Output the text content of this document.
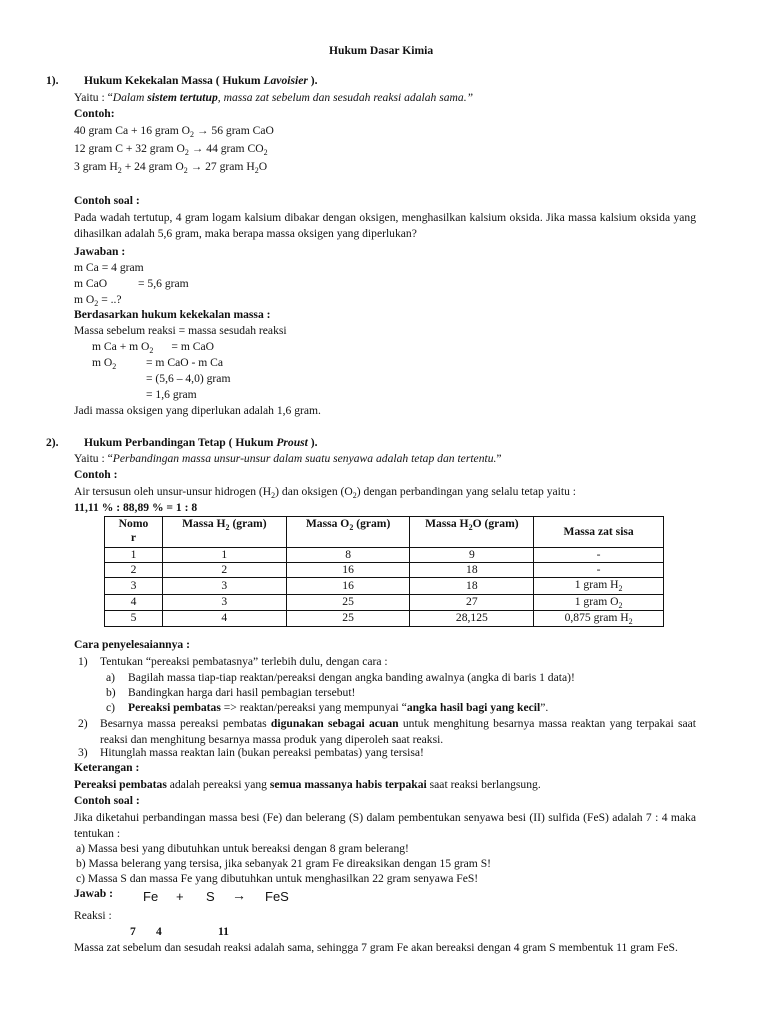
Hukum Dasar Kimia
1). Hukum Kekekalan Massa ( Hukum Lavoisier ).
Yaitu : “Dalam sistem tertutup, massa zat sebelum dan sesudah reaksi adalah sama.”
Contoh:
40 gram Ca + 16 gram $O_2 \to 56$ gram CaO
12 gram C + 32 gram $O_2 \to 44$ gram $CO_2$
3 gram $H_2 + 24$ gram $O_2 \to 27$ gram $H_2O$
Contoh soal :
Pada wadah tertutup, 4 gram logam kalsium dibakar dengan oksigen, menghasilkan kalsium oksida. Jika massa kalsium oksida yang dihasilkan adalah 5,6 gram, maka berapa massa oksigen yang diperlukan?
Jawaban :
m Ca = 4 gram
m CaO	= 5,6 gram
m $O_2$ = ..?
Berdasarkan hukum kekekalan massa :
Massa sebelum reaksi = massa sesudah reaksi
m Ca + m $O_2 = m$ CaO
m $O_2$	= m CaO - m Ca
= (5,6 – 4,0) gram
= 1,6 gram
Jadi massa oksigen yang diperlukan adalah 1,6 gram.
2). Hukum Perbandingan Tetap ( Hukum Proust ).
Yaitu : “Perbandingan massa unsur-unsur dalam suatu senyawa adalah tetap dan tertentu.”
Contoh :
Air tersusun oleh unsur-unsur hidrogen $(H_2)$ dan oksigen $(O_2)$ dengan perbandingan yang selalu tetap yaitu :
11,11 % : 88,89 % = 1 : 8
Nomo
r	Massa $H_2$ (gram)	Massa $O_2$ (gram)	Massa $H_2O$ (gram)	Massa zat sisa
1	1	8	9	-
2	2	16	18	-
3	3	16	18	1 gram $H_2$
4	3	25	27	1 gram $O_2$
5	4	25	28,125	0,875 gram $H_2$
Cara penyelesaiannya :
1) Tentukan “pereaksi pembatasnya” terlebih dulu, dengan cara :
a) Bagilah massa tiap-tiap reaktan/pereaksi dengan angka banding awalnya (angka di baris 1 data)!
b) Bandingkan harga dari hasil pembagian tersebut!
c) Pereaksi pembatas => reaktan/pereaksi yang mempunyai “angka hasil bagi yang kecil”.
2) Besarnya massa pereaksi pembatas digunakan sebagai acuan untuk menghitung besarnya massa reaktan yang terpakai saat reaksi dan menghitung besarnya massa produk yang diperoleh saat reaksi.
3) Hitunglah massa reaktan lain (bukan pereaksi pembatas) yang tersisa!
Keterangan :
Pereaksi pembatas adalah pereaksi yang semua massanya habis terpakai saat reaksi berlangsung.
Contoh soal :
Jika diketahui perbandingan massa besi (Fe) dan belerang (S) dalam pembentukan senyawa besi (II) sulfida (FeS) adalah 7 : 4 maka tentukan :
a) Massa besi yang dibutuhkan untuk bereaksi dengan 8 gram belerang!
b) Massa belerang yang tersisa, jika sebanyak 21 gram Fe direaksikan dengan 15 gram S!
c) Massa S dan massa Fe yang dibutuhkan untuk menghasilkan 22 gram senyawa FeS!
Jawab : Fe + S → FeS
Reaksi :
7 4	11
Massa zat sebelum dan sesudah reaksi adalah sama, sehingga 7 gram Fe akan bereaksi dengan 4 gram S membentuk 11 gram FeS.
